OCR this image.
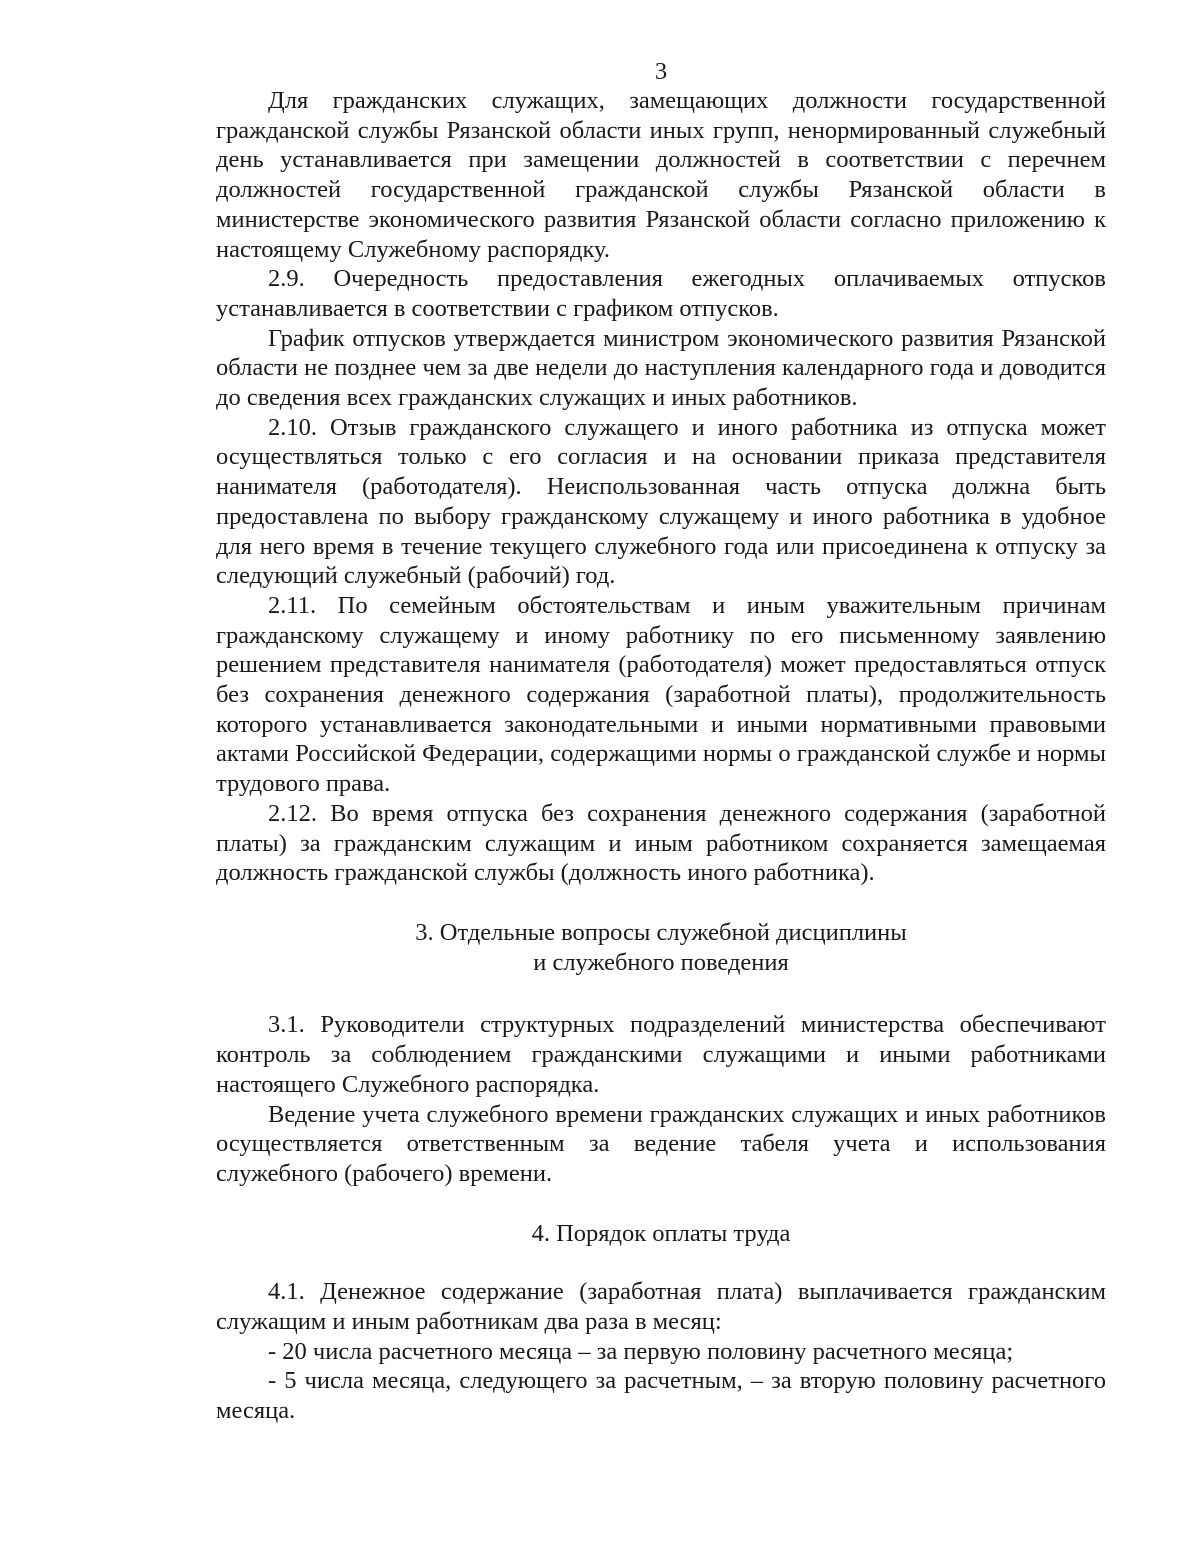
3

Для гражданских служащих, замещающих должности государственной гражданской службы Рязанской области иных групп, ненормированный служебный день устанавливается при замещении должностей в соответствии с перечнем должностей государственной гражданской службы Рязанской области в министерстве экономического развития Рязанской области согласно приложению к настоящему Служебному распорядку.

2.9. Очередность предоставления ежегодных оплачиваемых отпусков устанавливается в соответствии с графиком отпусков.

График отпусков утверждается министром экономического развития Рязанской области не позднее чем за две недели до наступления календарного года и доводится до сведения всех гражданских служащих и иных работников.

2.10. Отзыв гражданского служащего и иного работника из отпуска может осуществляться только с его согласия и на основании приказа представителя нанимателя (работодателя). Неиспользованная часть отпуска должна быть предоставлена по выбору гражданскому служащему и иного работника в удобное для него время в течение текущего служебного года или присоединена к отпуску за следующий служебный (рабочий) год.

2.11. По семейным обстоятельствам и иным уважительным причинам гражданскому служащему и иному работнику по его письменному заявлению решением представителя нанимателя (работодателя) может предоставляться отпуск без сохранения денежного содержания (заработной платы), продолжительность которого устанавливается законодательными и иными нормативными правовыми актами Российской Федерации, содержащими нормы о гражданской службе и нормы трудового права.

2.12. Во время отпуска без сохранения денежного содержания (заработной платы) за гражданским служащим и иным работником сохраняется замещаемая должность гражданской службы (должность иного работника).

3. Отдельные вопросы служебной дисциплины
и служебного поведения

3.1. Руководители структурных подразделений министерства обеспечивают контроль за соблюдением гражданскими служащими и иными работниками настоящего Служебного распорядка.

Ведение учета служебного времени гражданских служащих и иных работников осуществляется ответственным за ведение табеля учета и использования служебного (рабочего) времени.

4. Порядок оплаты труда

4.1. Денежное содержание (заработная плата) выплачивается гражданским служащим и иным работникам два раза в месяц:

- 20 числа расчетного месяца – за первую половину расчетного месяца;

- 5 числа месяца, следующего за расчетным, – за вторую половину расчетного месяца.
